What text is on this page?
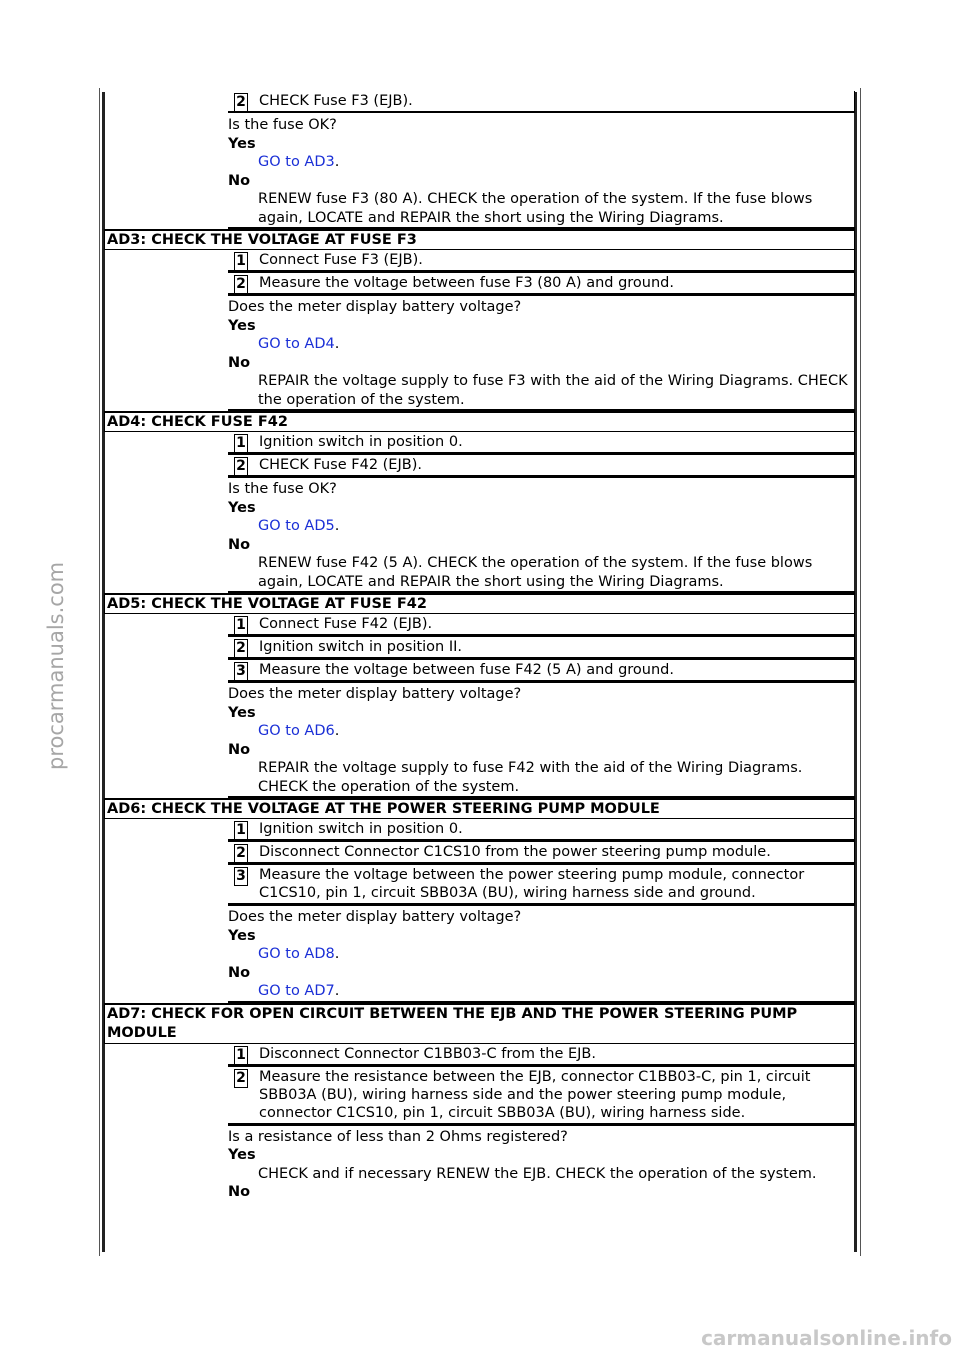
2 CHECK Fuse F3 (EJB).
Is the fuse OK?
Yes
GO to AD3.
No
RENEW fuse F3 (80 A). CHECK the operation of the system. If the fuse blows again, LOCATE and REPAIR the short using the Wiring Diagrams.
AD3: CHECK THE VOLTAGE AT FUSE F3
1 Connect Fuse F3 (EJB).
2 Measure the voltage between fuse F3 (80 A) and ground.
Does the meter display battery voltage?
Yes
GO to AD4.
No
REPAIR the voltage supply to fuse F3 with the aid of the Wiring Diagrams. CHECK the operation of the system.
AD4: CHECK FUSE F42
1 Ignition switch in position 0.
2 CHECK Fuse F42 (EJB).
Is the fuse OK?
Yes
GO to AD5.
No
RENEW fuse F42 (5 A). CHECK the operation of the system. If the fuse blows again, LOCATE and REPAIR the short using the Wiring Diagrams.
AD5: CHECK THE VOLTAGE AT FUSE F42
1 Connect Fuse F42 (EJB).
2 Ignition switch in position II.
3 Measure the voltage between fuse F42 (5 A) and ground.
Does the meter display battery voltage?
Yes
GO to AD6.
No
REPAIR the voltage supply to fuse F42 with the aid of the Wiring Diagrams. CHECK the operation of the system.
AD6: CHECK THE VOLTAGE AT THE POWER STEERING PUMP MODULE
1 Ignition switch in position 0.
2 Disconnect Connector C1CS10 from the power steering pump module.
3 Measure the voltage between the power steering pump module, connector C1CS10, pin 1, circuit SBB03A (BU), wiring harness side and ground.
Does the meter display battery voltage?
Yes
GO to AD8.
No
GO to AD7.
AD7: CHECK FOR OPEN CIRCUIT BETWEEN THE EJB AND THE POWER STEERING PUMP MODULE
1 Disconnect Connector C1BB03-C from the EJB.
2 Measure the resistance between the EJB, connector C1BB03-C, pin 1, circuit SBB03A (BU), wiring harness side and the power steering pump module, connector C1CS10, pin 1, circuit SBB03A (BU), wiring harness side.
Is a resistance of less than 2 Ohms registered?
Yes
CHECK and if necessary RENEW the EJB. CHECK the operation of the system.
No
procarmanuals.com
carmanualsonline.info
